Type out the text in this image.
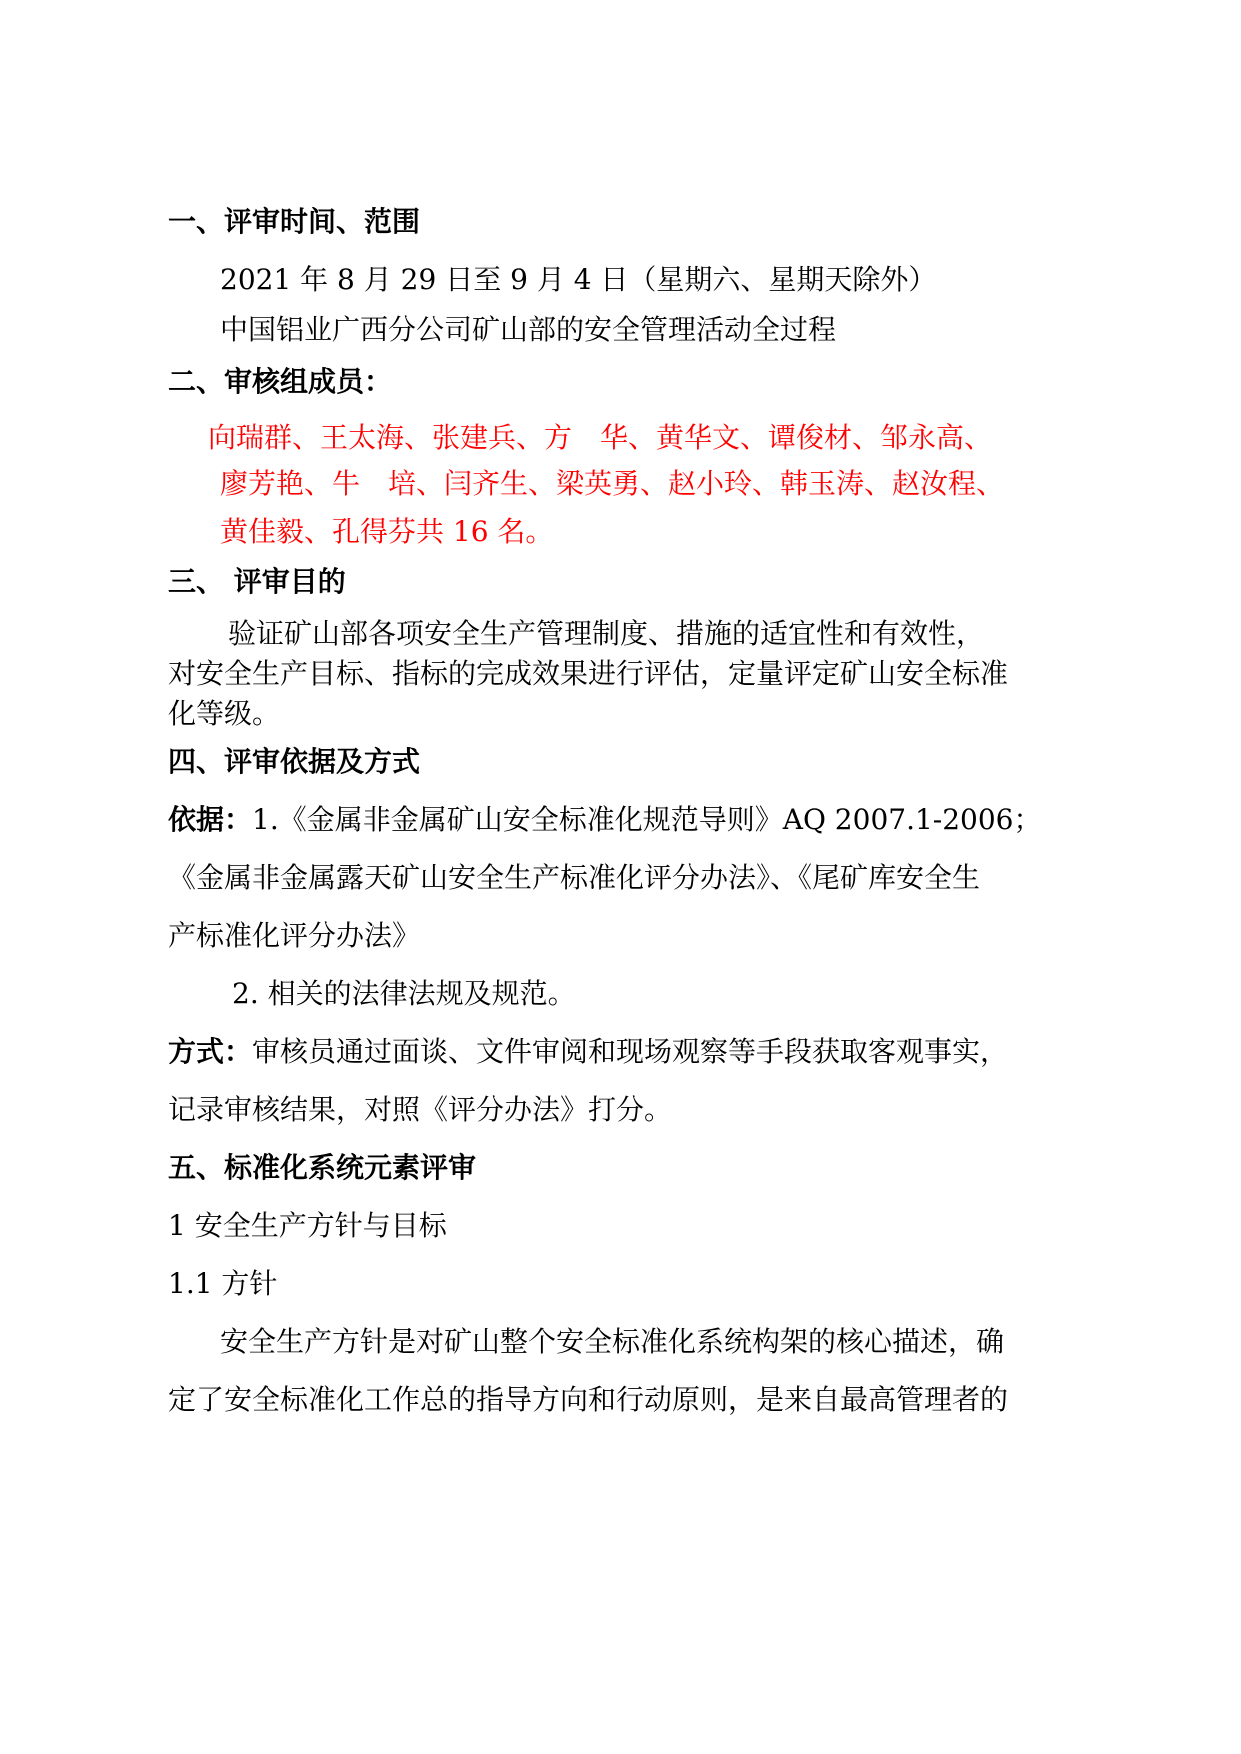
一、评审时间、范围
2021 年 8 月 29 日至 9 月 4 日（星期六、星期天除外）
中国铝业广西分公司矿山部的安全管理活动全过程
二、审核组成员：
向瑞群、王太海、张建兵、方　华、黄华文、谭俊材、邹永高、
廖芳艳、牛　培、闫齐生、梁英勇、赵小玲、韩玉涛、赵汝程、
黄佳毅、孔得芬共 16 名。
三、 评审目的
验证矿山部各项安全生产管理制度、措施的适宜性和有效性，
对安全生产目标、指标的完成效果进行评估，定量评定矿山安全标准
化等级。
四、评审依据及方式
依据：1.《金属非金属矿山安全标准化规范导则》AQ 2007.1-2006；
《金属非金属露天矿山安全生产标准化评分办法》、《尾矿库安全生
产标准化评分办法》
2. 相关的法律法规及规范。
方式：审核员通过面谈、文件审阅和现场观察等手段获取客观事实，
记录审核结果，对照《评分办法》打分。
五、标准化系统元素评审
1 安全生产方针与目标
1.1 方针
安全生产方针是对矿山整个安全标准化系统构架的核心描述，确
定了安全标准化工作总的指导方向和行动原则，是来自最高管理者的
